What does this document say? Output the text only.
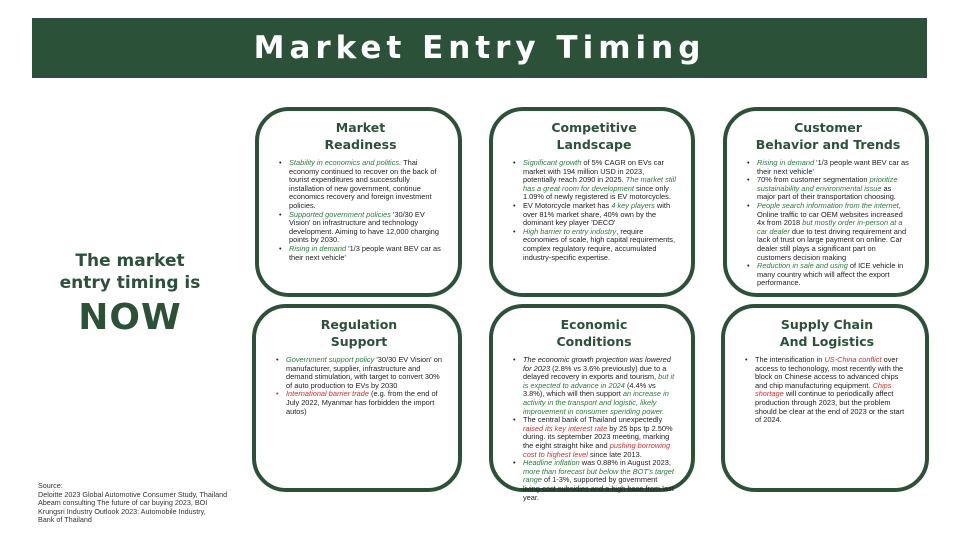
Market Entry Timing
The market
entry timing is
NOW
Market
Readiness
• Stability in economics and politics. Thai economy continued to recover on the back of tourist expenditures and successfully installation of new government, continue economics recovery and foreign investment policies.
• Supported government policies '30/30 EV Vision' on infrastructure and technology development. Aiming to have 12,000 charging points by 2030.
• Rising in demand '1/3 people want BEV car as their next vehicle'
Competitive
Landscape
• Significant growth of 5% CAGR on EVs car market with 194 million USD in 2023, potentially reach 2090 in 2025. The market still has a great room for development since only 1.09% of newly registered is EV motorcycles.
• EV Motorcycle market has 4 key players with over 81% market share, 40% own by the dominant key player 'DECO'
• High barrier to entry industry, require economies of scale, high capital requirements, complex regulatory require, accumulated industry-specific expertise.
Customer
Behavior and Trends
• Rising in demand '1/3 people want BEV car as their next vehicle'
• 70% from customer segmentation prioritize sustainability and environmental issue as major part of their transportation choosing.
• People search information from the internet, Online traffic to car OEM websites increased 4x from 2018 but mostly order in-person at a car dealer due to test driving requirement and lack of trust on large payment on online. Car dealer still plays a significant part on customers decision making
• Reduction in sale and using of ICE vehicle in many country which will affect the export performance.
Regulation
Support
• Government support policy '30/30 EV Vision' on manufacturer, supplier, infrastructure and demand stimulation, with target to convert 30% of auto production to EVs by 2030
• International barrier trade (e.g. from the end of July 2022, Myanmar has forbidden the import autos)
Economic
Conditions
• The economic growth projection was lowered for 2023 (2.8% vs 3.6% previously) due to a delayed recovery in exports and tourism, but it is expected to advance in 2024 (4.4% vs 3.8%), which will then support an increase in activity in the transport and logistic, likely improvement in consumer spending power.
• The central bank of Thailand unexpectedly raised its key interest rate by 25 bps tp 2.50% during. its september 2023 meeting, marking the eight straight hike and pushing borrowing cost to highest level since late 2013.
• Headline inflation was 0.88% in August 2023, more than forecast but below the BOT's target range of 1-3%, supported by government living-cost subsidies and a high base from last year.
Supply Chain
And Logistics
• The intensification in US-China conflict over access to techonology, most recently with the block on Chinese access to advanced chips and chip manufacturing equipment. Chips shortage will continue to periodically affect production through 2023, but the problem should be clear at the end of 2023 or the start of 2024.
Source:
Deloitte 2023 Global Automotive Consumer Study, Thailand
Abeam consulting The future of car buying 2023, BOI
Krungsri Industry Outlook 2023: Automobile Industry,
Bank of Thailand
